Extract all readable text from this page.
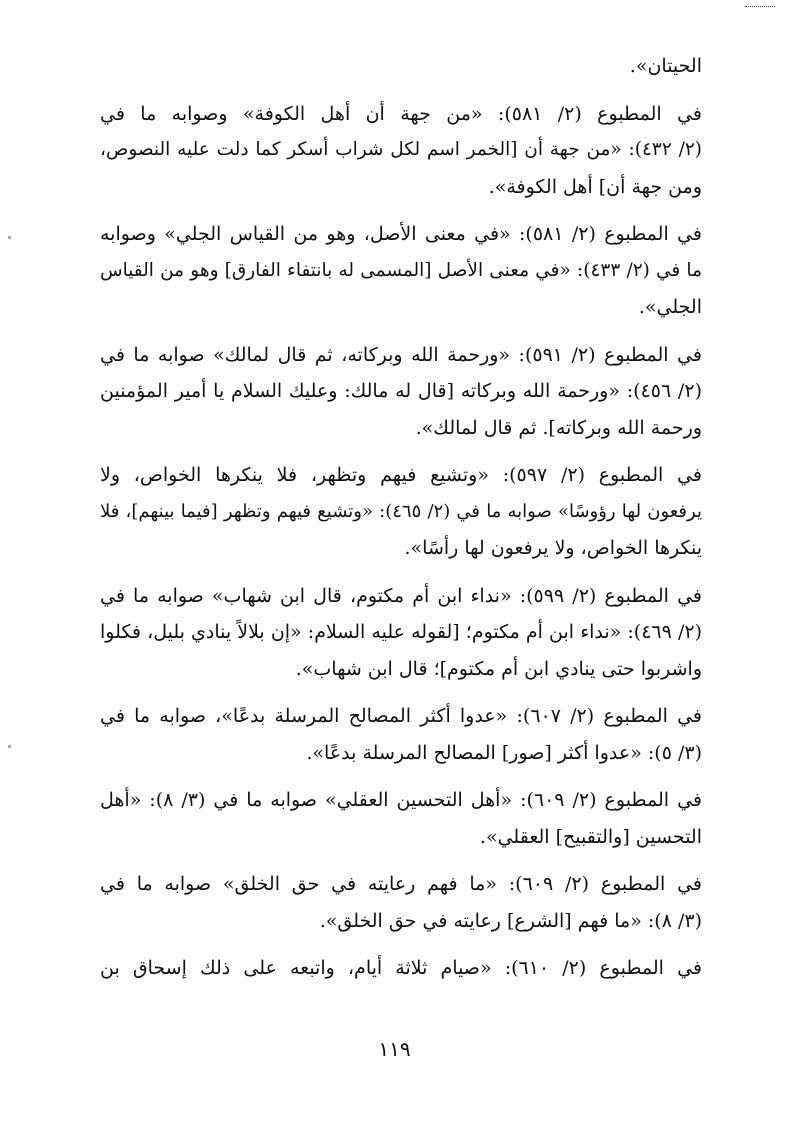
الحيتان».
في المطبوع (٢/ ٥٨١): «من جهة أن أهل الكوفة» وصوابه ما في
(٢/ ٤٣٢): «من جهة أن [الخمر اسم لكل شراب أسكر كما دلت عليه النصوص،
ومن جهة أن] أهل الكوفة».
في المطبوع (٢/ ٥٨١): «في معنى الأصل، وهو من القياس الجلي» وصوابه
ما في (٢/ ٤٣٣): «في معنى الأصل [المسمى له بانتفاء الفارق] وهو من القياس
الجلي».
في المطبوع (٢/ ٥٩١): «ورحمة الله وبركاته، ثم قال لمالك» صوابه ما في
(٢/ ٤٥٦): «ورحمة الله وبركاته [قال له مالك: وعليك السلام يا أمير المؤمنين
ورحمة الله وبركاته]. ثم قال لمالك».
في المطبوع (٢/ ٥٩٧): «وتشيع فيهم وتظهر، فلا ينكرها الخواص، ولا
يرفعون لها رؤوسًا» صوابه ما في (٢/ ٤٦٥): «وتشيع فيهم وتظهر [فيما بينهم]، فلا
ينكرها الخواص، ولا يرفعون لها رأسًا».
في المطبوع (٢/ ٥٩٩): «نداء ابن أم مكتوم، قال ابن شهاب» صوابه ما في
(٢/ ٤٦٩): «نداء ابن أم مكتوم؛ [لقوله عليه السلام: «إن بلالاً ينادي بليل، فكلوا
واشربوا حتى ينادي ابن أم مكتوم]؛ قال ابن شهاب».
في المطبوع (٢/ ٦٠٧): «عدوا أكثر المصالح المرسلة بدعًا»، صوابه ما في
(٣/ ٥): «عدوا أكثر [صور] المصالح المرسلة بدعًا».
في المطبوع (٢/ ٦٠٩): «أهل التحسين العقلي» صوابه ما في (٣/ ٨): «أهل
التحسين [والتقبيح] العقلي».
في المطبوع (٢/ ٦٠٩): «ما فهم رعايته في حق الخلق» صوابه ما في
(٣/ ٨): «ما فهم [الشرع] رعايته في حق الخلق».
في المطبوع (٢/ ٦١٠): «صيام ثلاثة أيام، واتبعه على ذلك إسحاق بن
١١٩
